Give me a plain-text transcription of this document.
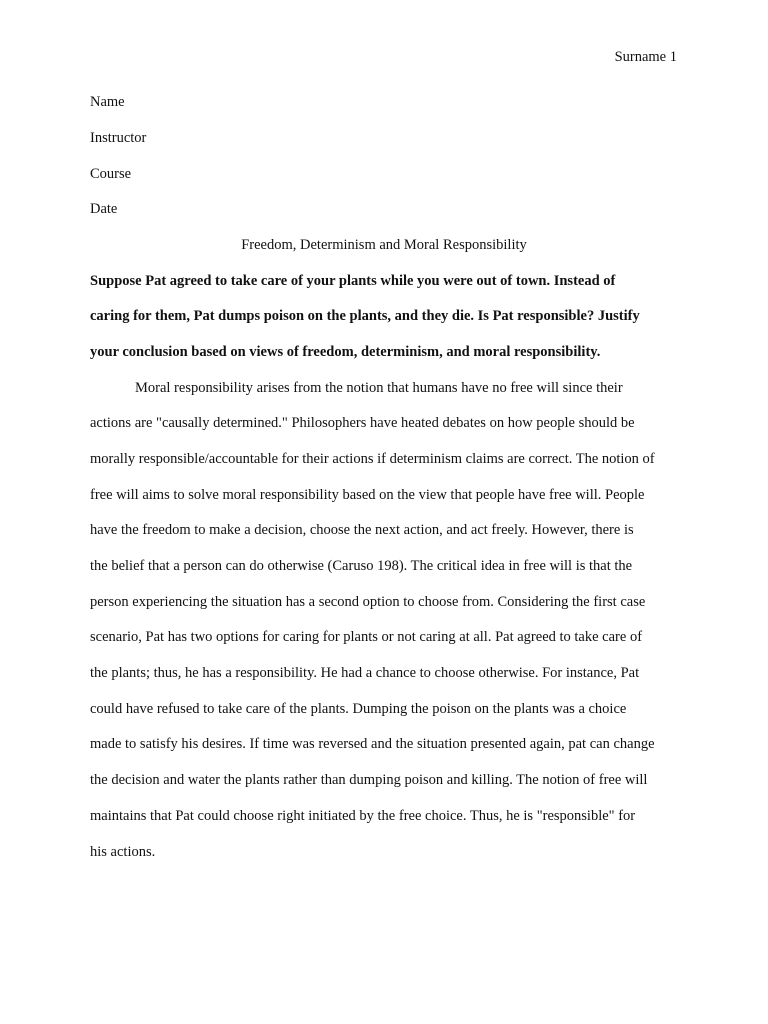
Surname 1
Name
Instructor
Course
Date
Freedom, Determinism and Moral Responsibility
Suppose Pat agreed to take care of your plants while you were out of town. Instead of
caring for them, Pat dumps poison on the plants, and they die. Is Pat responsible? Justify
your conclusion based on views of freedom, determinism, and moral responsibility.
Moral responsibility arises from the notion that humans have no free will since their
actions are "causally determined." Philosophers have heated debates on how people should be
morally responsible/accountable for their actions if determinism claims are correct. The notion of
free will aims to solve moral responsibility based on the view that people have free will. People
have the freedom to make a decision, choose the next action, and act freely. However, there is
the belief that a person can do otherwise (Caruso 198). The critical idea in free will is that the
person experiencing the situation has a second option to choose from. Considering the first case
scenario, Pat has two options for caring for plants or not caring at all. Pat agreed to take care of
the plants; thus, he has a responsibility. He had a chance to choose otherwise. For instance, Pat
could have refused to take care of the plants. Dumping the poison on the plants was a choice
made to satisfy his desires. If time was reversed and the situation presented again, pat can change
the decision and water the plants rather than dumping poison and killing. The notion of free will
maintains that Pat could choose right initiated by the free choice. Thus, he is "responsible" for
his actions.
